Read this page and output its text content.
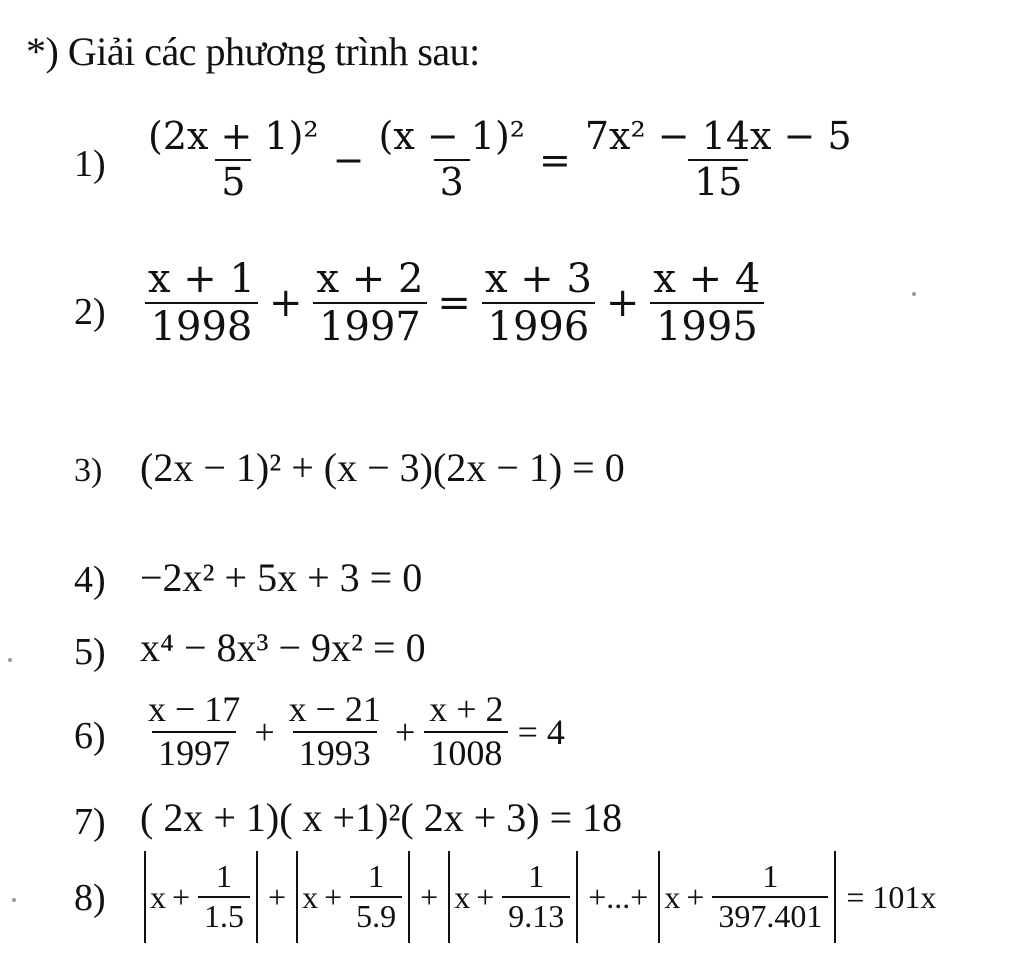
*) Giải các phương trình sau:
$1) \frac{\text{(2x + 1)²}}{5} - \frac{\text{(x − 1)²}}{3} = \frac{\text{7x² − 14x − 5}}{15}$
$2) \frac{x + 1}{1998} + \frac{x + 2}{1997} = \frac{x + 3}{1996} + \frac{x + 4}{1995}$
3) (2x − 1)² + (x − 3)(2x − 1) = 0
4) −2x² + 5x + 3 = 0
5) x⁴ − 8x³ − 9x² = 0
$6) \frac{x - 17}{1997} + \frac{x - 21}{1993} + \frac{x + 2}{1008} = 4$
7) ( 2x + 1)( x +1)²( 2x + 3) = 18
8) $x + \frac{1}{1.5} + x + \frac{1}{5.9} + x + \frac{1}{9.13}$ +...+ $x + \frac{1}{397.401} = 101x$
